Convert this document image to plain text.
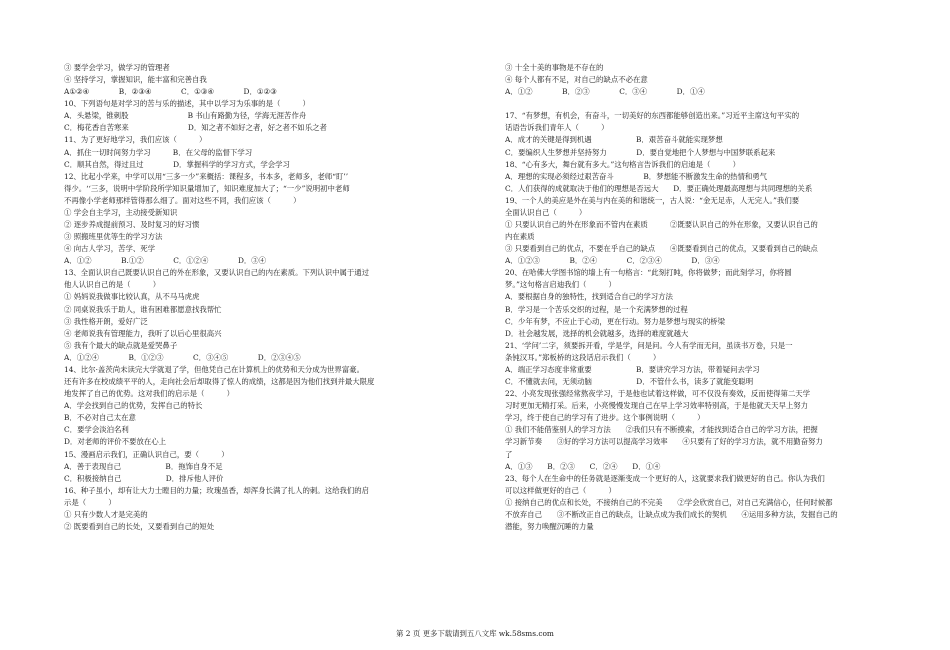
③ 要学会学习，做学习的管理者
④ 坚持学习，掌握知识，能丰富和完善自我
A①②④　　　　B．②③④　　　　C．①③④　　　　D．①②③
10、下列语句是对学习的苦与乐的描述，其中以学习为乐事的是（　　　）
A．头悬梁，锥刺股　　　　　　　　B 书山有路勤为径，学海无涯苦作舟
C．梅花香自苦寒来　　　　　　　　D．知之者不如好之者，好之者不如乐之者
11、为了更好地学习，我们应该（　　　）
A．抓住一切时间努力学习　　　B．在父母的监督下学习
C．顺其自然，得过且过　　　　D．掌握科学的学习方式，学会学习
12、比起小学来，中学可以用“三多一少”来概括：课程多，书本多，老师多，老师“盯’’
得少。‘‘三多，说明中学阶段所学知识量增加了，知识难度加大了；“一少”说明初中老师
不再像小学老师那样管得那么细了。面对这些不同，我们应该（　　　）
① 学会自主学习，主动接受新知识
② 逐步养成提前预习、及时复习的好习惯
③ 照搬班里优等生的学习方法
④ 向古人学习，苦学、死学
A．①②　　　　B.①②　　　　C．①②④　　　　D．③④
13、全面认识自己既要认识自己的外在形象，又要认识自己的内在素质。下列认识中属于通过
他人认识自己的是（　　　）
① 妈妈说我做事比较认真，从不马马虎虎
② 同桌说我乐于助人，谁有困难都愿意找我帮忙
③ 我性格开朗，爱好广泛
④ 老师说我有管理能力，我听了以后心里很高兴
⑤ 我有个最大的缺点就是爱哭鼻子
A．①②④　　　　B．①②③　　　　C．③④⑤　　　　D．②③④⑤
14、比尔·盖茨尚未读完大学就退了学，但他凭自己在计算机上的优势和天分成为世界富豪。
还有许多在校成绩平平的人，走向社会后却取得了惊人的成绩，这都是因为他们找到并最大限度
地发挥了自己的优势。这对我们的启示是（　　　）
A．学会找到自己的优势，发挥自己的特长
B．不必对自己太在意
C．要学会淡泊名利
D．对老师的评价不要放在心上
15、漫画启示我们，正确认识自己，要（　　　）
A．善于表现自己　　　　　　B．拖饰自身不足
C．积极接纳自己　　　　　　D．排斥他人评价
16、种子虽小，却有让大力士瞠目的力量；玫瑰虽香，却浑身长满了扎人的刺。这给我们的启
示是（　　　）
① 只有少数人才是完美的
② 既要看到自己的长处，又要看到自己的短处
③ 十全十美的事物是不存在的
④ 每个人都有不足，对自己的缺点不必在意
A．①②　　　　B．②③　　　　C．③④　　　　D．①④
17、“有梦想，有机会，有奋斗，一切美好的东西都能够创造出来。”习近平主席这句平实的
话语告诉我们青年人（　　　）
A．成才的关键是得到机遇　　　　　　B．艰苦奋斗就能实现梦想
C．要编织人生梦想并坚持努力　　　　D．要自觉地把个人梦想与中国梦联系起来
18、“心有多大，舞台就有多大。”这句格言告诉我们的启迪是（　　　）
A．理想的实现必须经过艰苦奋斗　　　　B．梦想能不断激发生命的热情和勇气
C．人们获得的成就取决于他们的理想是否远大　　D．要正确处理最高理想与共同理想的关系
19、一个人的美应是外在美与内在美的和谐统一，古人说：“金无足赤，人无完人。”我们要
全面认识自己（　　　）
① 只要认识自己的外在形象而不管内在素质　　　②既要认识自己的外在形象，又要认识自己的
内在素质
③ 只要看到自己的优点，不要在乎自己的缺点　　④既要看到自己的优点，又要看到自己的缺点
A．①②③　　　　B．②④　　　　C．②③④　　　　D．③④
20、在哈佛大学图书馆的墙上有一句格言：“此刻打盹，你将做梦；而此刻学习，你将圆
梦。”这句格言启迪我们（　　　）
A．要根据自身的独特性，找到适合自己的学习方法
B．学习是一个苦乐交织的过程，是一个充满梦想的过程
C．少年有梦，不应止于心动，更在行动。努力是梦想与现实的桥梁
D．社会越发展，选择的机会就越多，选择的难度就越大
21、‘学问’二字，须要拆开看，学是学，问是问。今人有学而无问，虽读书万卷，只是一
条钝汉耳。”郑板桥的这段话启示我们（　　　）
A．端正学习态度非常重要　　　　　　B．要讲究学习方法，带着疑问去学习
C．不懂就去问，无须动脑　　　　　　D．不管什么书，读多了就能变聪明
22、小亮发现张强经常熬夜学习，于是他也试着这样做，可不仅没有奏效，反而使得第二天学
习时更加无精打采。后来，小亮慢慢发现自己在早上学习效率特别高，于是他就天天早上努力
学习，终于使自己的学习有了进步。这个事例说明（　　　）
① 我们不能借鉴别人的学习方法　　②我们只有不断摸索，才能找到适合自己的学习方法，把握
学习新节奏　　③好的学习方法可以提高学习效率　　④只要有了好的学习方法，就不用勤奋努力
了
A．①③　　B．②③　　C．②④　　D．①④
23、每个人在生命中的任务就是逐渐变成一个更好的人，这就要求我们做更好的自己。你认为我们
可以这样做更好的自己（　　　）
① 接纳自己的优点和长处，不接纳自己的不完美　　②学会欣赏自己，对自己充满信心，任何时候都
不放弃自己　　③不断改正自己的缺点，让缺点成为我们成长的契机　　④运用多种方法，发掘自己的
潜能，努力唤醒沉睡的力量
第 2 页 更多下载请到五八文库 wk.58sms.com
